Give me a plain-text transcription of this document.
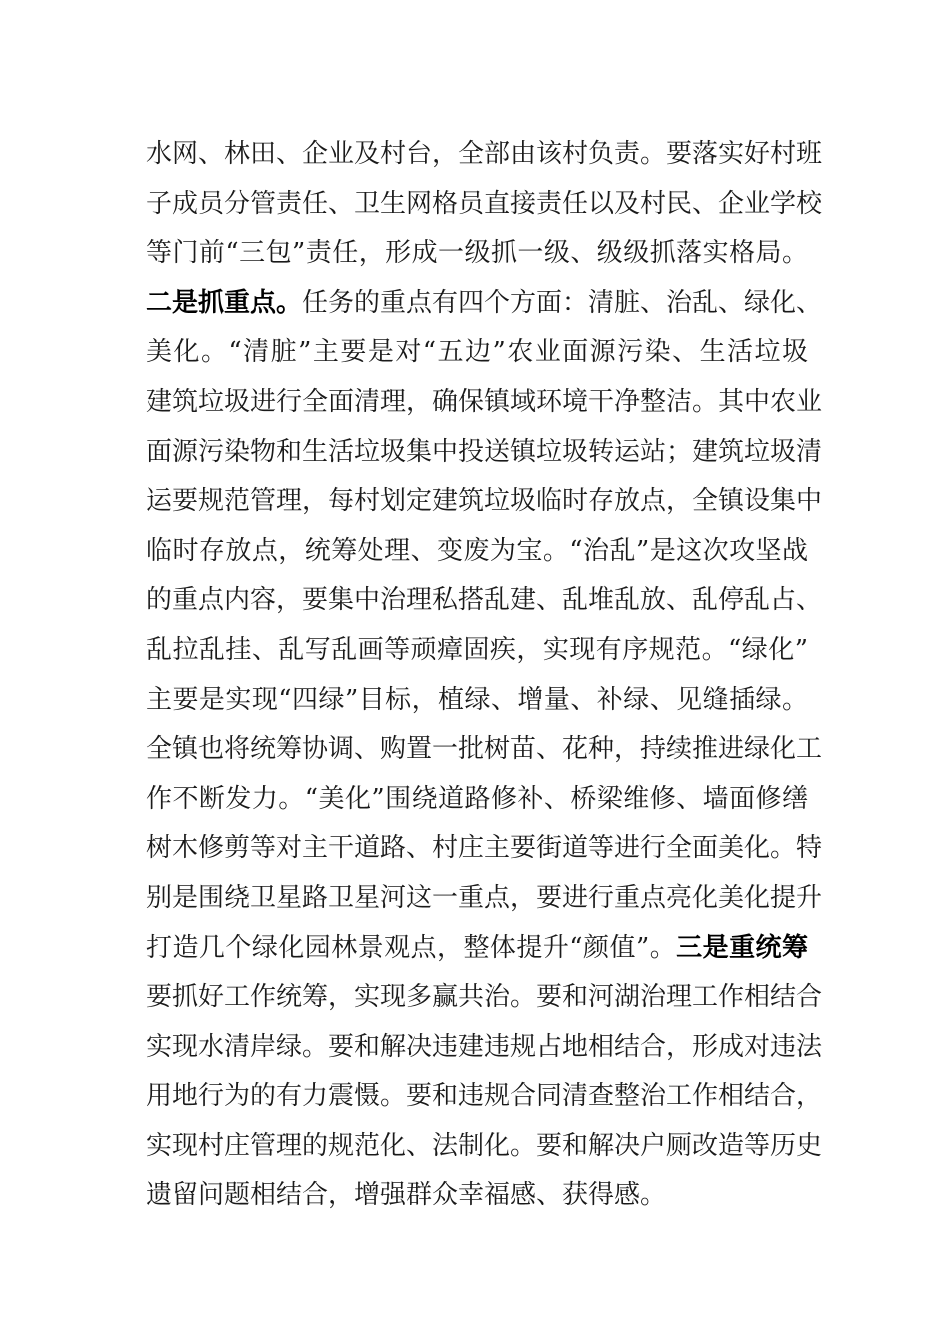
水网、林田、企业及村台，全部由该村负责。要落实好村班
子成员分管责任、卫生网格员直接责任以及村民、企业学校
等门前“三包”责任，形成一级抓一级、级级抓落实格局。
二是抓重点。任务的重点有四个方面：清脏、治乱、绿化、
美化。“清脏”主要是对“五边”农业面源污染、生活垃圾
建筑垃圾进行全面清理，确保镇域环境干净整洁。其中农业
面源污染物和生活垃圾集中投送镇垃圾转运站；建筑垃圾清
运要规范管理，每村划定建筑垃圾临时存放点，全镇设集中
临时存放点，统筹处理、变废为宝。“治乱”是这次攻坚战
的重点内容，要集中治理私搭乱建、乱堆乱放、乱停乱占、
乱拉乱挂、乱写乱画等顽瘴固疾，实现有序规范。“绿化”
主要是实现“四绿”目标，植绿、增量、补绿、见缝插绿。
全镇也将统筹协调、购置一批树苗、花种，持续推进绿化工
作不断发力。“美化”围绕道路修补、桥梁维修、墙面修缮
树木修剪等对主干道路、村庄主要街道等进行全面美化。特
别是围绕卫星路卫星河这一重点，要进行重点亮化美化提升
打造几个绿化园林景观点，整体提升“颜值”。三是重统筹
要抓好工作统筹，实现多赢共治。要和河湖治理工作相结合
实现水清岸绿。要和解决违建违规占地相结合，形成对违法
用地行为的有力震慑。要和违规合同清查整治工作相结合，
实现村庄管理的规范化、法制化。要和解决户厕改造等历史
遗留问题相结合，增强群众幸福感、获得感。
